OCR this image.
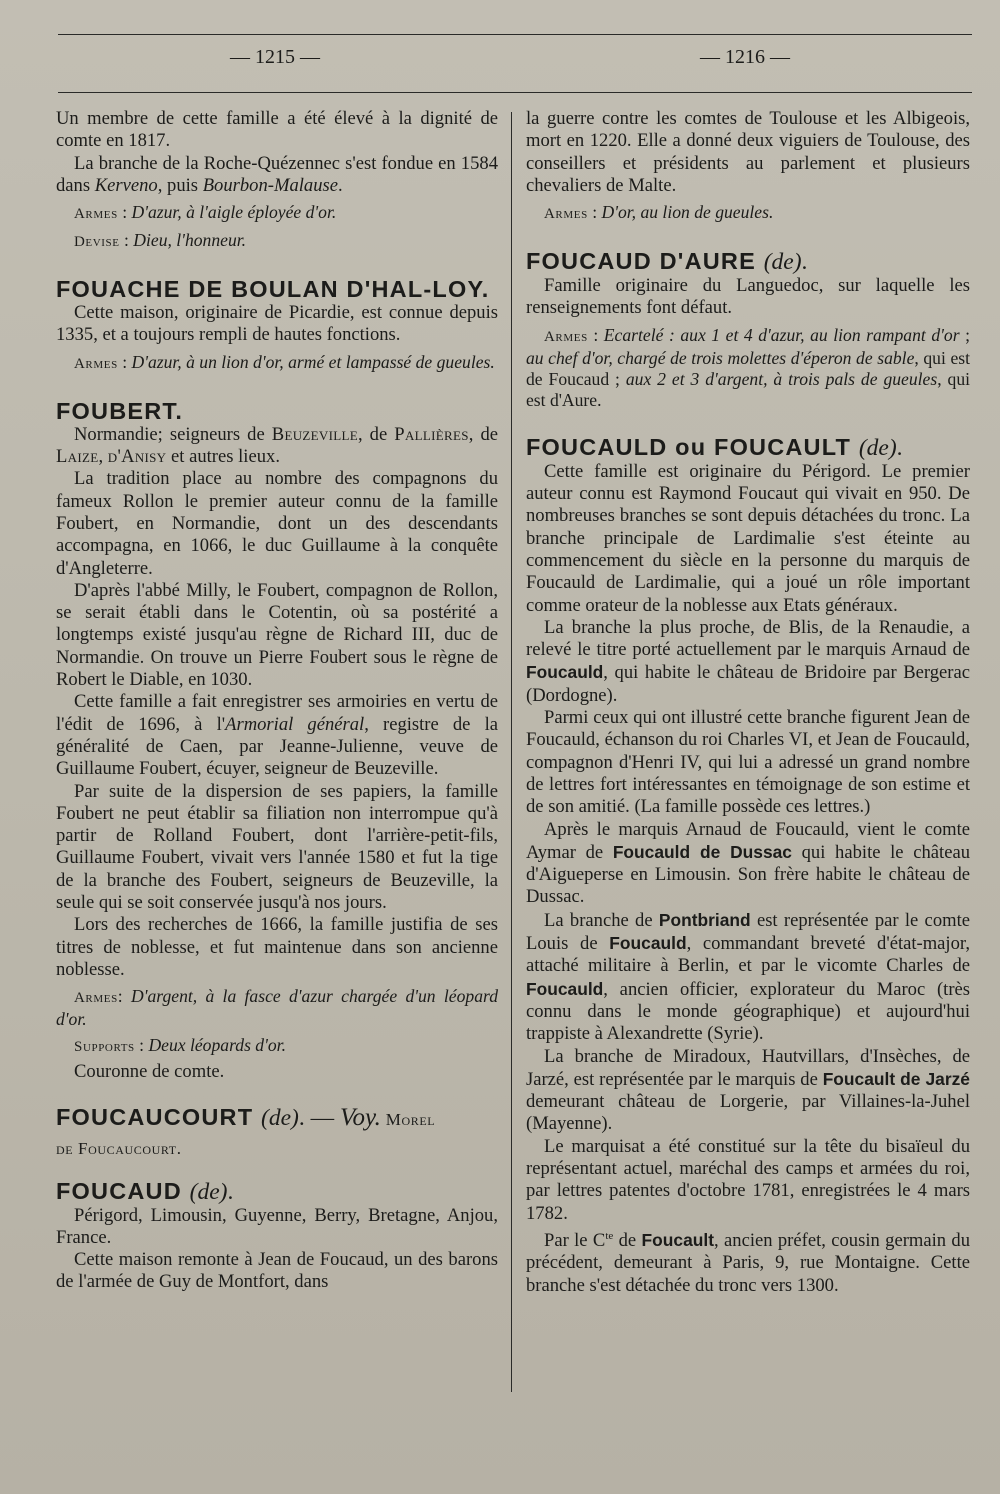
— 1215 —	— 1216 —

Un membre de cette famille a été élevé à la dignité de comte en 1817.

La branche de la Roche-Quézennec s'est fondue en 1584 dans Kerveno, puis Bourbon-Malause.

Armes : D'azur, à l'aigle éployée d'or.

Devise : Dieu, l'honneur.

FOUACHE DE BOULAN D'HAL-LOY.

Cette maison, originaire de Picardie, est connue depuis 1335, et a toujours rempli de hautes fonctions.

Armes : D'azur, à un lion d'or, armé et lampassé de gueules.

FOUBERT.

Normandie; seigneurs de Beuzeville, de Pallières, de Laize, d'Anisy et autres lieux.

La tradition place au nombre des compagnons du fameux Rollon le premier auteur connu de la famille Foubert, en Normandie, dont un des descendants accompagna, en 1066, le duc Guillaume à la conquête d'Angleterre.

D'après l'abbé Milly, le Foubert, compagnon de Rollon, se serait établi dans le Cotentin, où sa postérité a longtemps existé jusqu'au règne de Richard III, duc de Normandie. On trouve un Pierre Foubert sous le règne de Robert le Diable, en 1030.

Cette famille a fait enregistrer ses armoiries en vertu de l'édit de 1696, à l'Armorial général, registre de la généralité de Caen, par Jeanne-Julienne, veuve de Guillaume Foubert, écuyer, seigneur de Beuzeville.

Par suite de la dispersion de ses papiers, la famille Foubert ne peut établir sa filiation non interrompue qu'à partir de Rolland Foubert, dont l'arrière-petit-fils, Guillaume Foubert, vivait vers l'année 1580 et fut la tige de la branche des Foubert, seigneurs de Beuzeville, la seule qui se soit conservée jusqu'à nos jours.

Lors des recherches de 1666, la famille justifia de ses titres de noblesse, et fut maintenue dans son ancienne noblesse.

Armes: D'argent, à la fasce d'azur chargée d'un léopard d'or.

Supports : Deux léopards d'or.

Couronne de comte.

FOUCAUCOURT (de). — Voy. Morel
de Foucaucourt.
FOUCAUD (de).

Périgord, Limousin, Guyenne, Berry, Bretagne, Anjou, France.

Cette maison remonte à Jean de Foucaud, un des barons de l'armée de Guy de Montfort, dans

la guerre contre les comtes de Toulouse et les Albigeois, mort en 1220. Elle a donné deux viguiers de Toulouse, des conseillers et présidents au parlement et plusieurs chevaliers de Malte.

Armes : D'or, au lion de gueules.

FOUCAUD D'AURE (de).

Famille originaire du Languedoc, sur laquelle les renseignements font défaut.

Armes : Ecartelé : aux 1 et 4 d'azur, au lion rampant d'or ; au chef d'or, chargé de trois molettes d'éperon de sable, qui est de Foucaud ; aux 2 et 3 d'argent, à trois pals de gueules, qui est d'Aure.

FOUCAULD ou FOUCAULT (de).

Cette famille est originaire du Périgord. Le premier auteur connu est Raymond Foucaut qui vivait en 950. De nombreuses branches se sont depuis détachées du tronc. La branche principale de Lardimalie s'est éteinte au commencement du siècle en la personne du marquis de Foucauld de Lardimalie, qui a joué un rôle important comme orateur de la noblesse aux Etats généraux.

La branche la plus proche, de Blis, de la Renaudie, a relevé le titre porté actuellement par le marquis Arnaud de Foucauld, qui habite le château de Bridoire par Bergerac (Dordogne).

Parmi ceux qui ont illustré cette branche figurent Jean de Foucauld, échanson du roi Charles VI, et Jean de Foucauld, compagnon d'Henri IV, qui lui a adressé un grand nombre de lettres fort intéressantes en témoignage de son estime et de son amitié. (La famille possède ces lettres.)

Après le marquis Arnaud de Foucauld, vient le comte Aymar de Foucauld de Dussac qui habite le château d'Aigueperse en Limousin. Son frère habite le château de Dussac.

La branche de Pontbriand est représentée par le comte Louis de Foucauld, commandant breveté d'état-major, attaché militaire à Berlin, et par le vicomte Charles de Foucauld, ancien officier, explorateur du Maroc (très connu dans le monde géographique) et aujourd'hui trappiste à Alexandrette (Syrie).

La branche de Miradoux, Hautvillars, d'Insèches, de Jarzé, est représentée par le marquis de Foucault de Jarzé demeurant château de Lorgerie, par Villaines-la-Juhel (Mayenne).

Le marquisat a été constitué sur la tête du bisaïeul du représentant actuel, maréchal des camps et armées du roi, par lettres patentes d'octobre 1781, enregistrées le 4 mars 1782.

Par le $C^{te}$ de Foucault, ancien préfet, cousin germain du précédent, demeurant à Paris, 9, rue Montaigne. Cette branche s'est détachée du tronc vers 1300.
